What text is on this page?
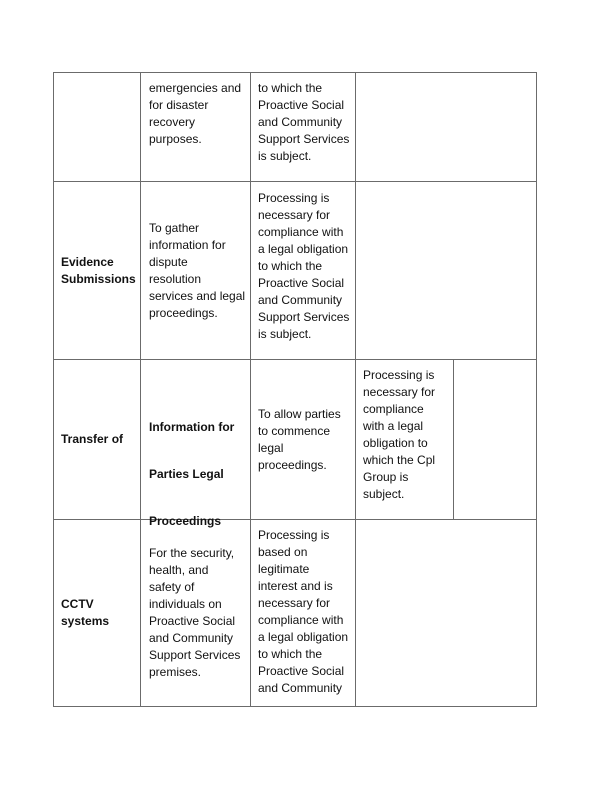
emergencies and
for disaster
recovery
purposes.
to which the
Proactive Social
and Community
Support Services
is subject.
Evidence
Submissions
To gather
information for
dispute
resolution
services and legal
proceedings.
Processing is
necessary for
compliance with
a legal obligation
to which the
Proactive Social
and Community
Support Services
is subject.
Transfer of

Information for

Parties Legal

Proceedings

To allow parties
to commence
legal
proceedings.
Processing is
necessary for
compliance
with a legal
obligation to
which the Cpl
Group is
subject.
CCTV
systems
For the security,
health, and
safety of
individuals on
Proactive Social
and Community
Support Services
premises.
Processing is
based on
legitimate
interest and is
necessary for
compliance with
a legal obligation
to which the
Proactive Social
and Community
